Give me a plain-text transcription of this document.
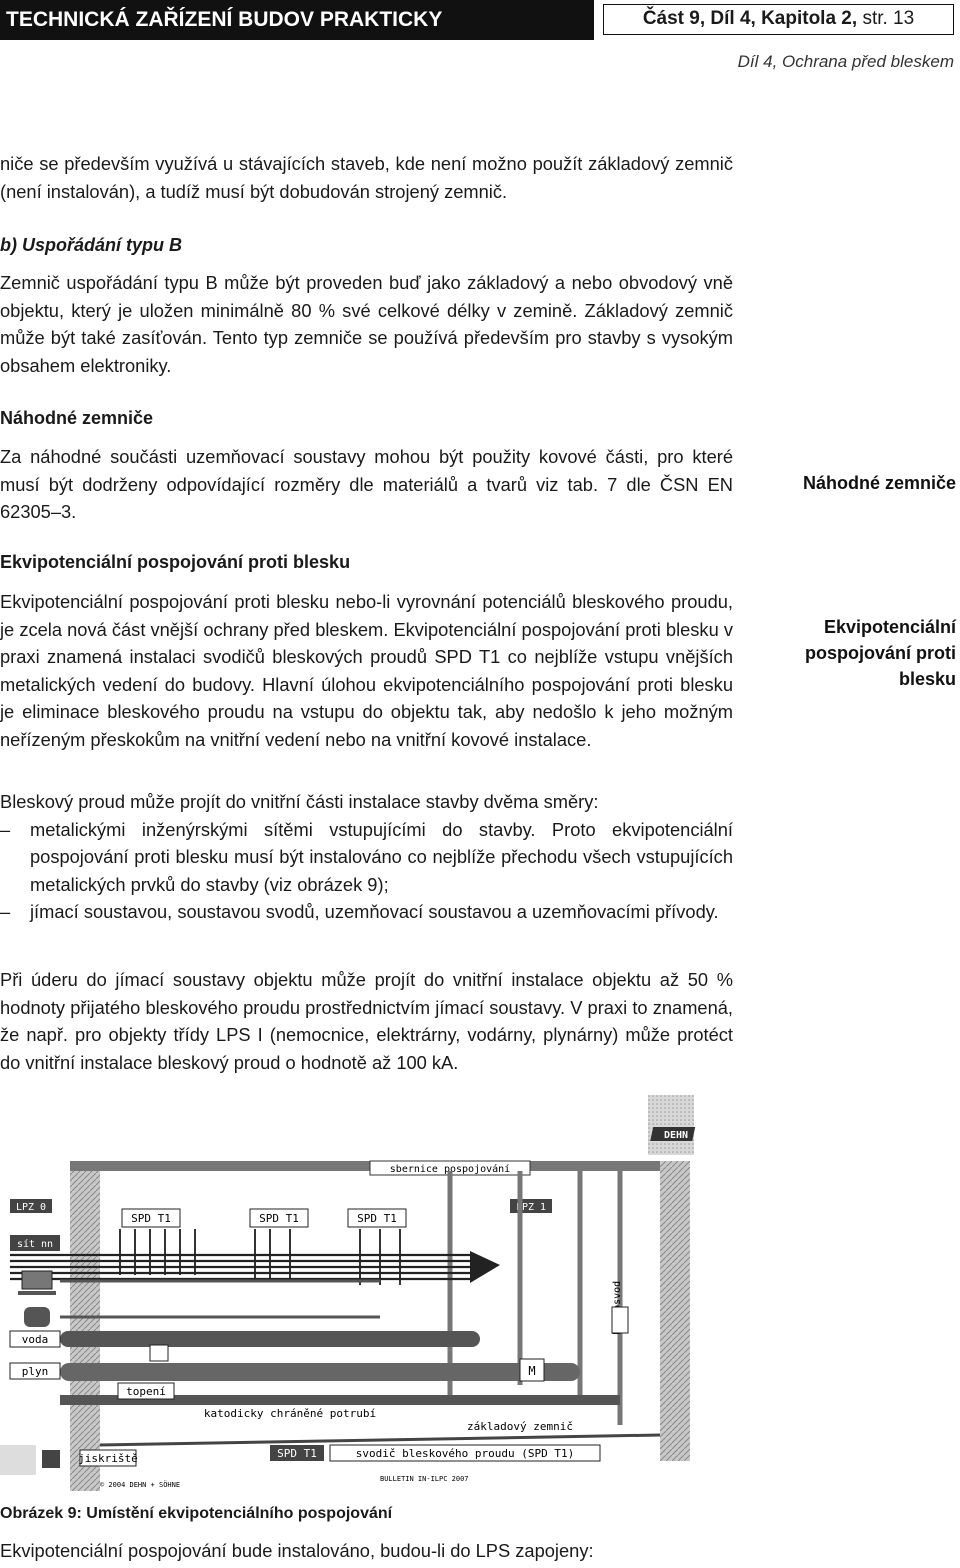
TECHNICKÁ ZAŘÍZENÍ BUDOV PRAKTICKY	Část 9, Díl 4, Kapitola 2, str. 13
Díl 4, Ochrana před bleskem

niče se především využívá u stávajících staveb, kde není možno použít základový zemnič (není instalován), a tudíž musí být dobudován strojený zemnič.

b) Uspořádání typu B

Zemnič uspořádání typu B může být proveden buď jako základový a nebo obvodový vně objektu, který je uložen minimálně 80 % své celkové délky v zemině. Základový zemnič může být také zasíťován. Tento typ zemniče se používá především pro stavby s vysokým obsahem elektroniky.

Náhodné zemniče

Za náhodné součásti uzemňovací soustavy mohou být použity kovové části, pro které musí být dodrženy odpovídající rozměry dle materiálů a tvarů viz tab. 7 dle ČSN EN 62305–3.

Ekvipotenciální pospojování proti blesku

Ekvipotenciální pospojování proti blesku nebo-li vyrovnání potenciálů bleskového proudu, je zcela nová část vnější ochrany před bleskem. Ekvipotenciální pospojování proti blesku v praxi znamená instalaci svodičů bleskových proudů SPD T1 co nejblíže vstupu vnějších metalických vedení do budovy. Hlavní úlohou ekvipotenciálního pospojování proti blesku je eliminace bleskového proudu na vstupu do objektu tak, aby nedošlo k jeho možným neřízeným přeskokům na vnitřní vedení nebo na vnitřní kovové instalace.

Bleskový proud může projít do vnitřní části instalace stavby dvěma směry:

– metalickými inženýrskými sítěmi vstupujícími do stavby. Proto ekvipotenciální pospojování proti blesku musí být instalováno co nejblíže přechodu všech vstupujících metalických prvků do stavby (viz obrázek 9);
– jímací soustavou, soustavou svodů, uzemňovací soustavou a uzemňovacími přívody.

Při úderu do jímací soustavy objektu může projít do vnitřní instalace objektu až 50 % hodnoty přijatého bleskového proudu prostřednictvím jímací soustavy. V praxi to znamená, že např. pro objekty třídy LPS I (nemocnice, elektrárny, vodárny, plynárny) může protéct do vnitřní instalace bleskový proud o hodnotě až 100 kA.

Náhodné zemniče
Ekvipotenciální pospojování proti blesku
DEHN
sbernice pospojování
LPZ 0	LPZ 1
SPD T1	SPD T1	SPD T1
sít nn
voda
plyn	M
topení
katodicky chráněné potrubí
základový zemnič
jiskriště	SPD T1	svodič bleskového proudu (SPD T1)
© 2004 DEHN + SÖHNE
BULLETIN IN-ILPC 2007
Obrázek 9: Umístění ekvipotenciálního pospojování
Ekvipotenciální pospojování bude instalováno, budou-li do LPS zapojeny:
